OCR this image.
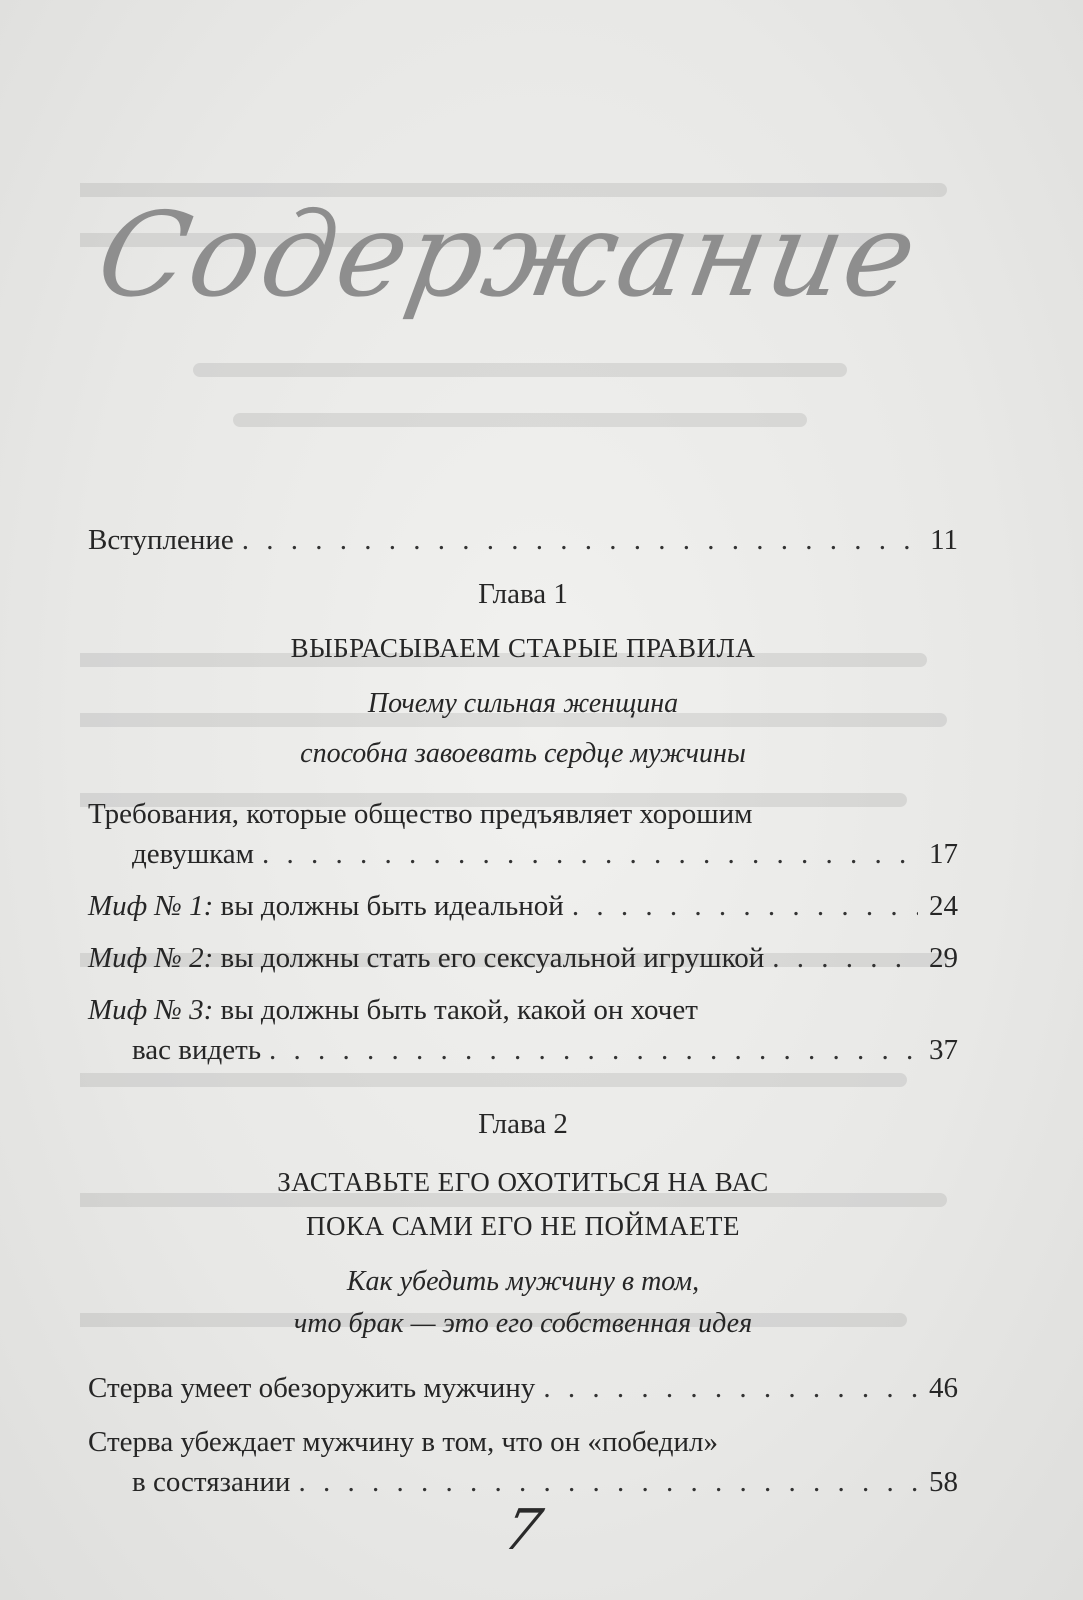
Содержание
Вступление . . .	11
Глава 1
ВЫБРАСЫВАЕМ СТАРЫЕ ПРАВИЛА
Почему сильная женщина
способна завоевать сердце мужчины
Требования, которые общество предъявляет хорошим
девушкам . . .	17
Миф № 1: вы должны быть идеальной . . .	24
Миф № 2: вы должны стать его сексуальной игрушкой . . .	29
Миф № 3: вы должны быть такой, какой он хочет
вас видеть . . .	37
Глава 2
ЗАСТАВЬТЕ ЕГО ОХОТИТЬСЯ НА ВАС
ПОКА САМИ ЕГО НЕ ПОЙМАЕТЕ
Как убедить мужчину в том,
что брак — это его собственная идея
Стерва умеет обезоружить мужчину . . .	46
Стерва убеждает мужчину в том, что он «победил»
в состязании . . .	58
7
